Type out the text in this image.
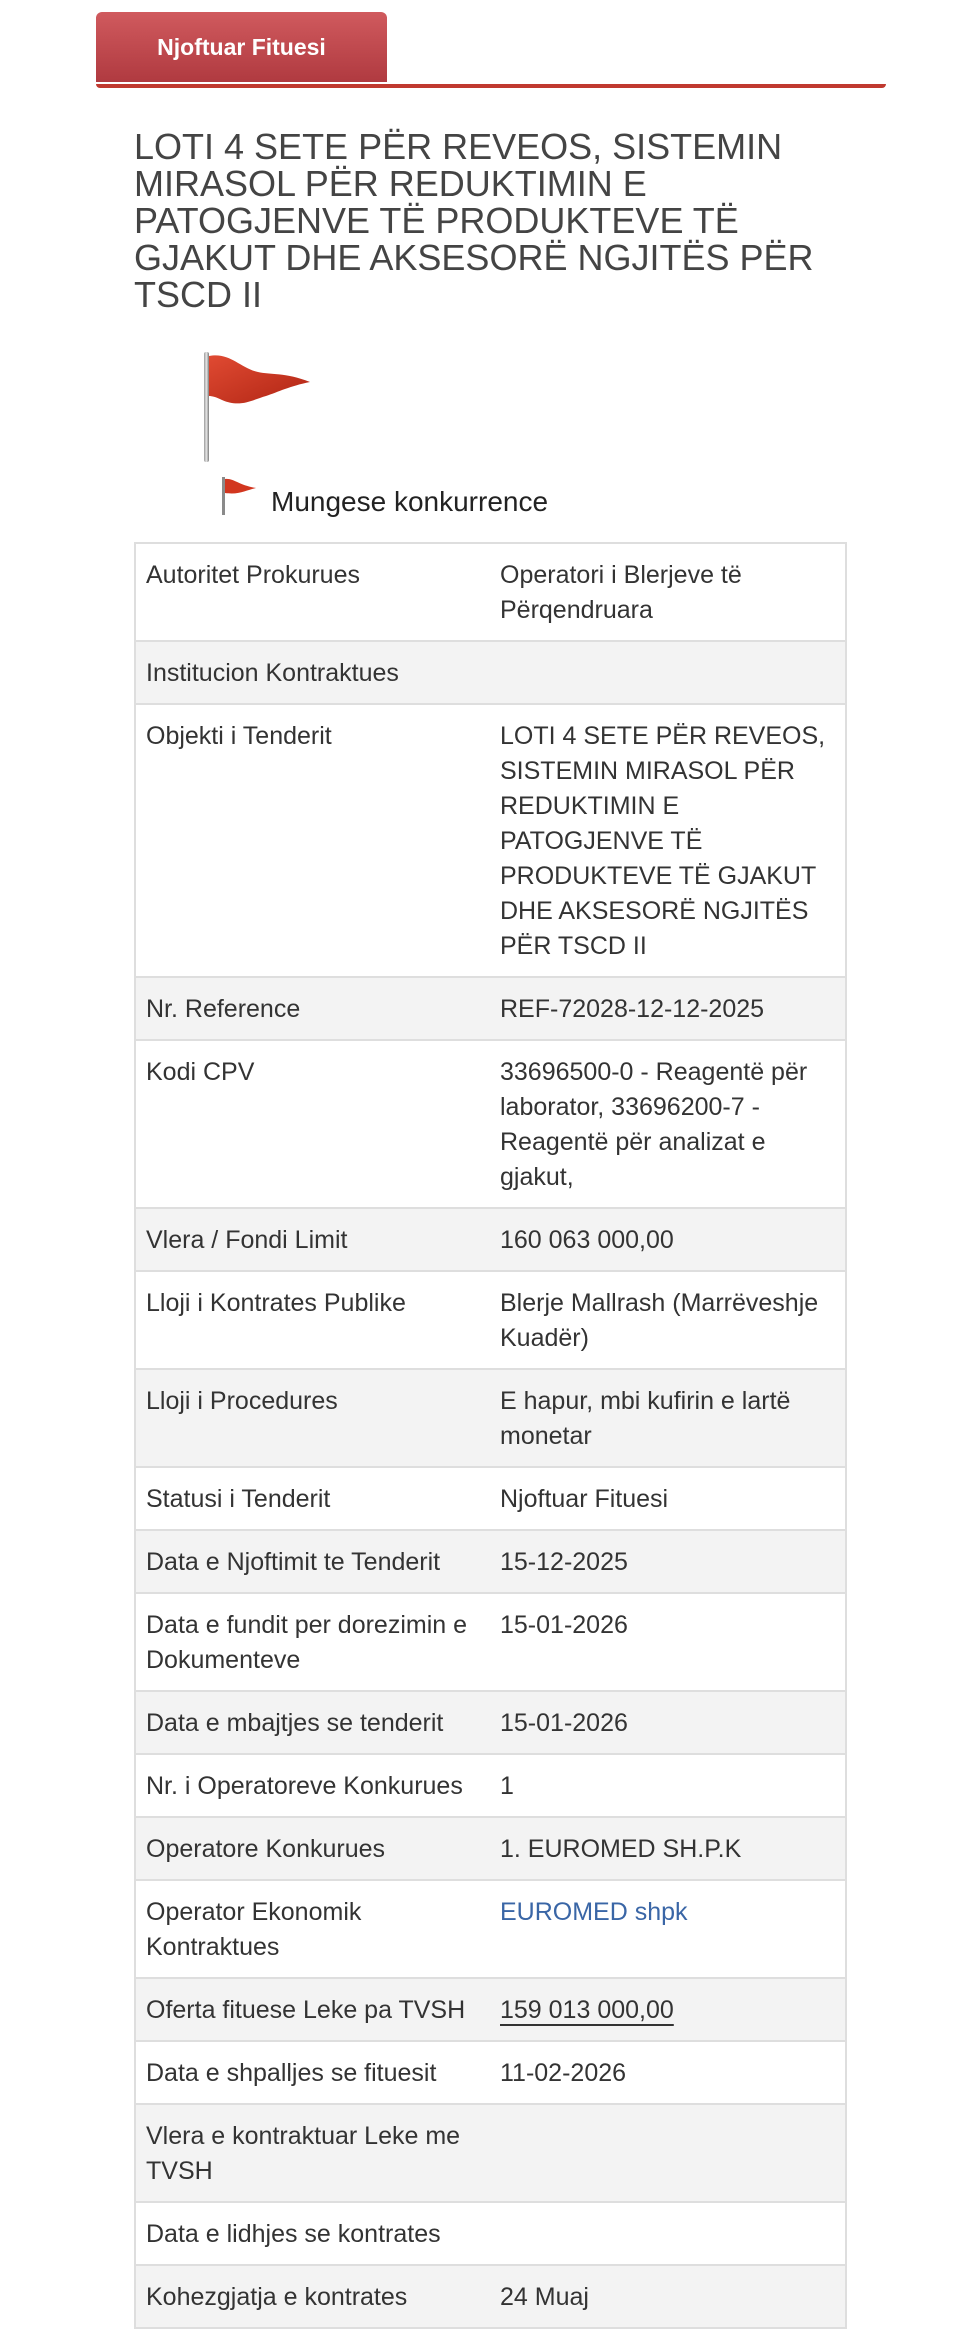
Njoftuar Fituesi
LOTI 4 SETE PËR REVEOS, SISTEMIN MIRASOL PËR REDUKTIMIN E PATOGJENVE TË PRODUKTEVE TË GJAKUT DHE AKSESORË NGJITËS PËR TSCD II
Mungese konkurrence
Autoritet Prokurues	Operatori i Blerjeve të Përqendruara
Institucion Kontraktues	
Objekti i Tenderit	LOTI 4 SETE PËR REVEOS, SISTEMIN MIRASOL PËR REDUKTIMIN E PATOGJENVE TË PRODUKTEVE TË GJAKUT DHE AKSESORË NGJITËS PËR TSCD II
Nr. Reference	REF-72028-12-12-2025
Kodi CPV	33696500-0 - Reagentë për laborator, 33696200-7 - Reagentë për analizat e gjakut,
Vlera / Fondi Limit	160 063 000,00
Lloji i Kontrates Publike	Blerje Mallrash (Marrëveshje Kuadër)
Lloji i Procedures	E hapur, mbi kufirin e lartë monetar
Statusi i Tenderit	Njoftuar Fituesi
Data e Njoftimit te Tenderit	15-12-2025
Data e fundit per dorezimin e Dokumenteve	15-01-2026
Data e mbajtjes se tenderit	15-01-2026
Nr. i Operatoreve Konkurues	1
Operatore Konkurues	1. EUROMED SH.P.K
Operator Ekonomik Kontraktues	EUROMED shpk
Oferta fituese Leke pa TVSH	159 013 000,00
Data e shpalljes se fituesit	11-02-2026
Vlera e kontraktuar Leke me TVSH	
Data e lidhjes se kontrates	
Kohezgjatja e kontrates	24 Muaj
